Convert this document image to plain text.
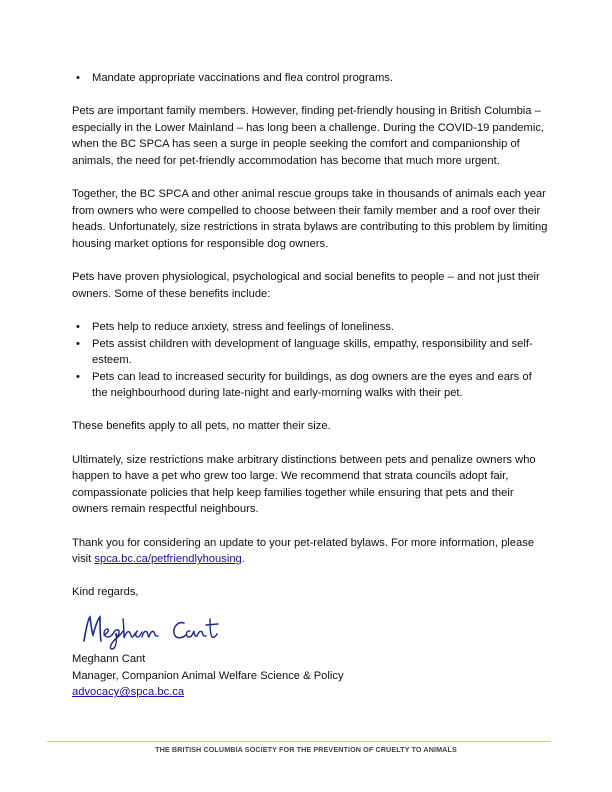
• Mandate appropriate vaccinations and flea control programs.

Pets are important family members. However, finding pet-friendly housing in British Columbia – especially in the Lower Mainland – has long been a challenge. During the COVID-19 pandemic, when the BC SPCA has seen a surge in people seeking the comfort and companionship of animals, the need for pet-friendly accommodation has become that much more urgent.

Together, the BC SPCA and other animal rescue groups take in thousands of animals each year from owners who were compelled to choose between their family member and a roof over their heads. Unfortunately, size restrictions in strata bylaws are contributing to this problem by limiting housing market options for responsible dog owners.

Pets have proven physiological, psychological and social benefits to people – and not just their owners. Some of these benefits include:

• Pets help to reduce anxiety, stress and feelings of loneliness.
• Pets assist children with development of language skills, empathy, responsibility and self-esteem.
• Pets can lead to increased security for buildings, as dog owners are the eyes and ears of the neighbourhood during late-night and early-morning walks with their pet.

These benefits apply to all pets, no matter their size.

Ultimately, size restrictions make arbitrary distinctions between pets and penalize owners who happen to have a pet who grew too large. We recommend that strata councils adopt fair, compassionate policies that help keep families together while ensuring that pets and their owners remain respectful neighbours.

Thank you for considering an update to your pet-related bylaws. For more information, please visit spca.bc.ca/petfriendlyhousing.

Kind regards,

Meghann Cant

Manager, Companion Animal Welfare Science & Policy

advocacy@spca.bc.ca

THE BRITISH COLUMBIA SOCIETY FOR THE PREVENTION OF CRUELTY TO ANIMALS
